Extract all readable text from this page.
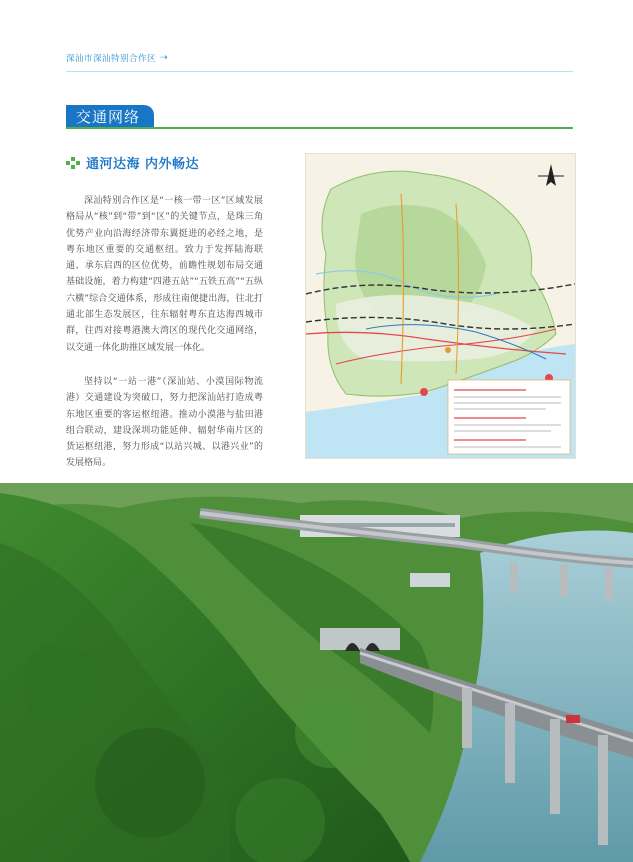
深汕市深汕特别合作区 ⇢
交通网络
通河达海 内外畅达

深汕特别合作区是“一核一带一区”区域发展格局从“核”到“带”到“区”的关键节点，是珠三角优势产业向沿海经济带东翼挺进的必经之地，是粤东地区重要的交通枢纽。致力于发挥陆海联通、承东启西的区位优势，前瞻性规划布局交通基础设施，着力构建“四港五站”“五铁五高”“五纵六横”综合交通体系，形成往南便捷出海，往北打通北部生态发展区，往东辐射粤东直达海西城市群，往西对接粤港澳大湾区的现代化交通网络，以交通一体化助推区域发展一体化。

坚持以“一站一港”（深汕站、小漠国际物流港）交通建设为突破口，努力把深汕站打造成粤东地区重要的客运枢纽港。推动小漠港与盐田港组合联动，建设深圳功能延伸、辐射华南片区的货运枢纽港，努力形成“以站兴城、以港兴业”的发展格局。
